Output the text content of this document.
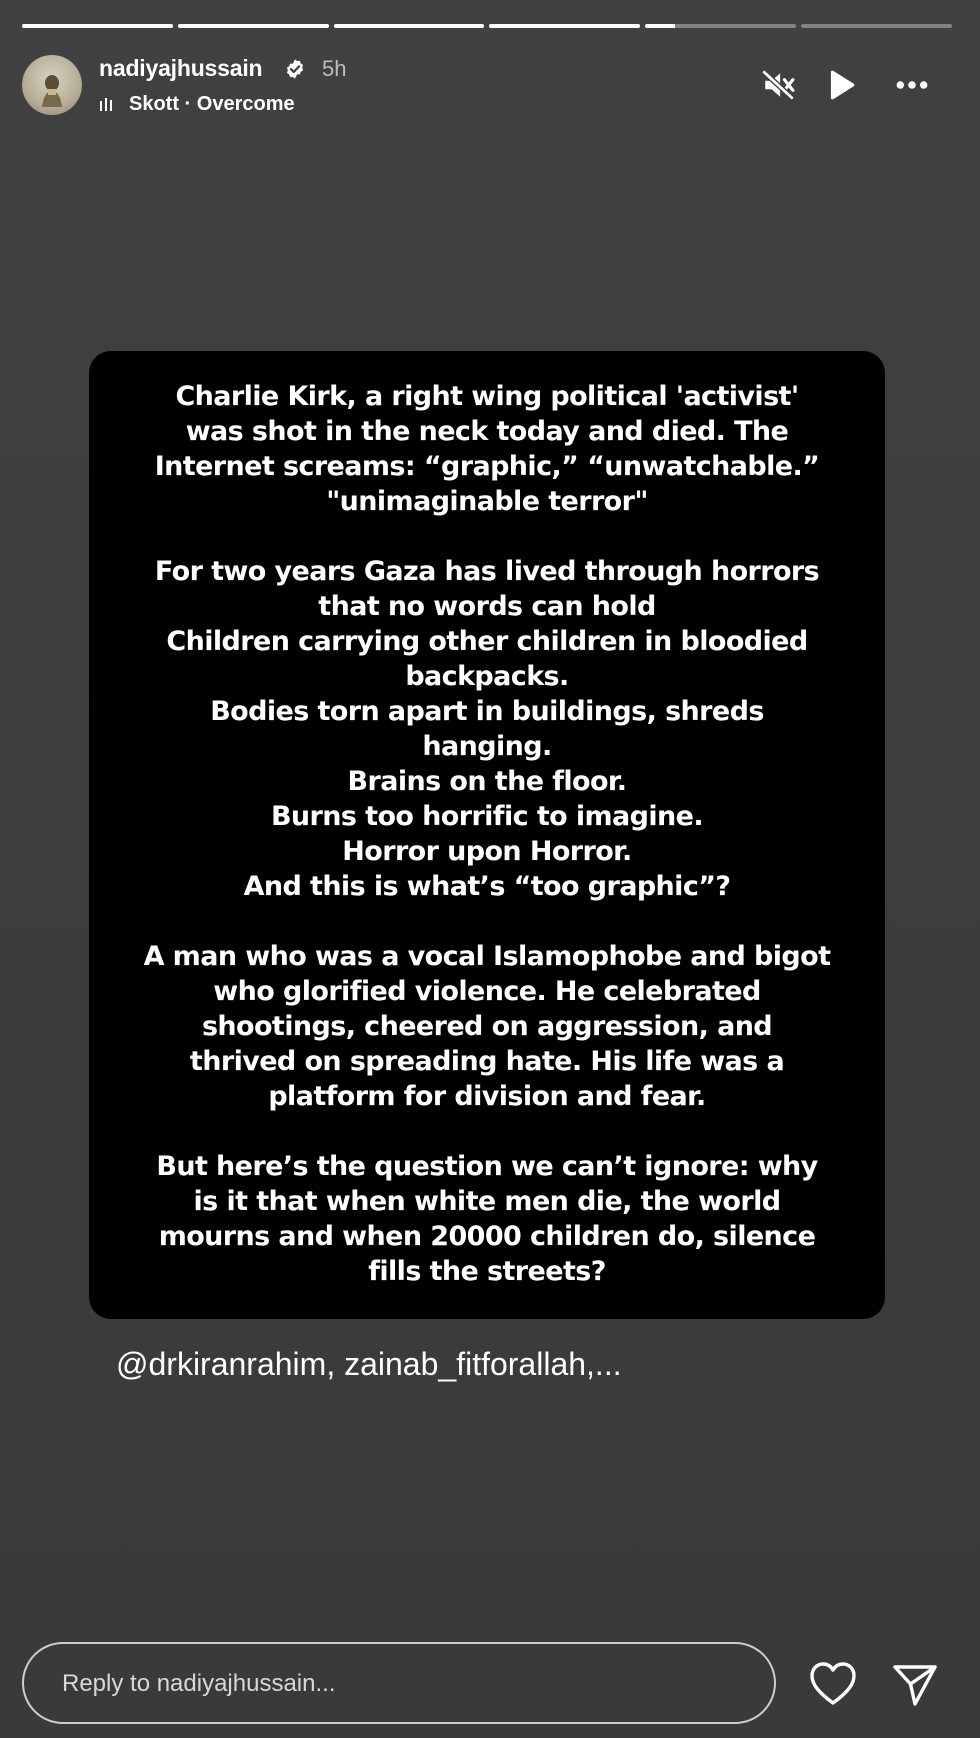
nadiyajhussain	5h
Skott · Overcome
Charlie Kirk, a right wing political 'activist'
was shot in the neck today and died. The
Internet screams: “graphic,” “unwatchable.”
"unimaginable terror"
For two years Gaza has lived through horrors
that no words can hold
Children carrying other children in bloodied
backpacks.
Bodies torn apart in buildings, shreds
hanging.
Brains on the floor.
Burns too horrific to imagine.
Horror upon Horror.
And this is what’s “too graphic”?
A man who was a vocal Islamophobe and bigot
who glorified violence. He celebrated
shootings, cheered on aggression, and
thrived on spreading hate. His life was a
platform for division and fear.
But here’s the question we can’t ignore: why
is it that when white men die, the world
mourns and when 20000 children do, silence
fills the streets?
@drkiranrahim, zainab_fitforallah,...
Reply to nadiyajhussain...
